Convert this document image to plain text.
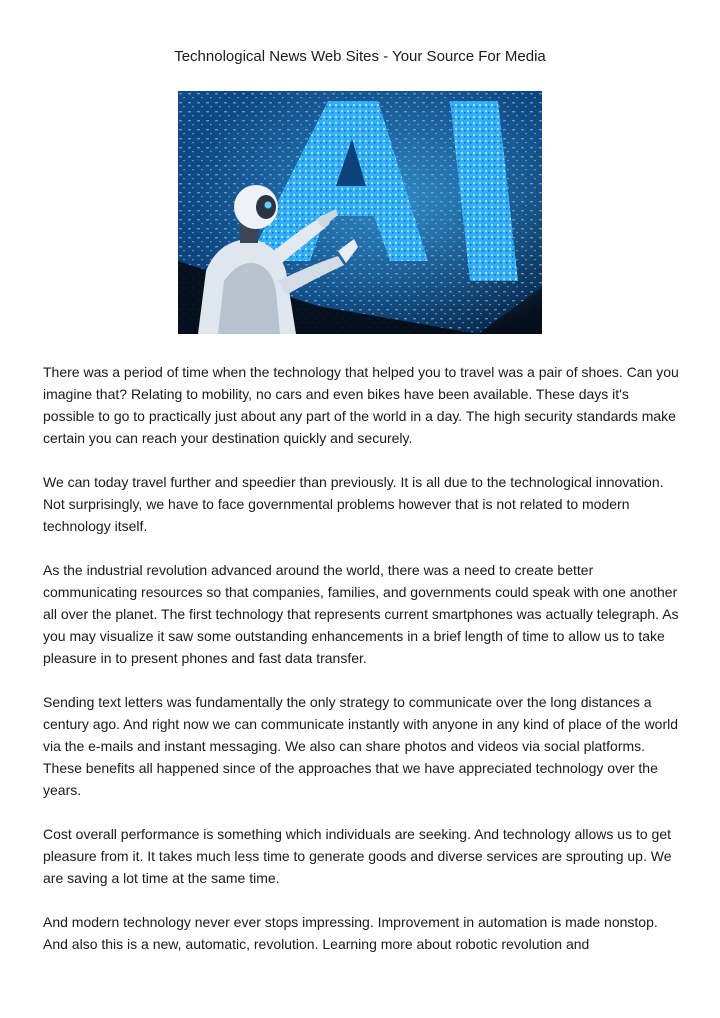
Technological News Web Sites - Your Source For Media

There was a period of time when the technology that helped you to travel was a pair of shoes. Can you imagine that? Relating to mobility, no cars and even bikes have been available. These days it's possible to go to practically just about any part of the world in a day. The high security standards make certain you can reach your destination quickly and securely.

We can today travel further and speedier than previously. It is all due to the technological innovation. Not surprisingly, we have to face governmental problems however that is not related to modern technology itself.

As the industrial revolution advanced around the world, there was a need to create better communicating resources so that companies, families, and governments could speak with one another all over the planet. The first technology that represents current smartphones was actually telegraph. As you may visualize it saw some outstanding enhancements in a brief length of time to allow us to take pleasure in to present phones and fast data transfer.

Sending text letters was fundamentally the only strategy to communicate over the long distances a century ago. And right now we can communicate instantly with anyone in any kind of place of the world via the e-mails and instant messaging. We also can share photos and videos via social platforms. These benefits all happened since of the approaches that we have appreciated technology over the years.

Cost overall performance is something which individuals are seeking. And technology allows us to get pleasure from it. It takes much less time to generate goods and diverse services are sprouting up. We are saving a lot time at the same time.

And modern technology never ever stops impressing. Improvement in automation is made nonstop. And also this is a new, automatic, revolution. Learning more about robotic revolution and
